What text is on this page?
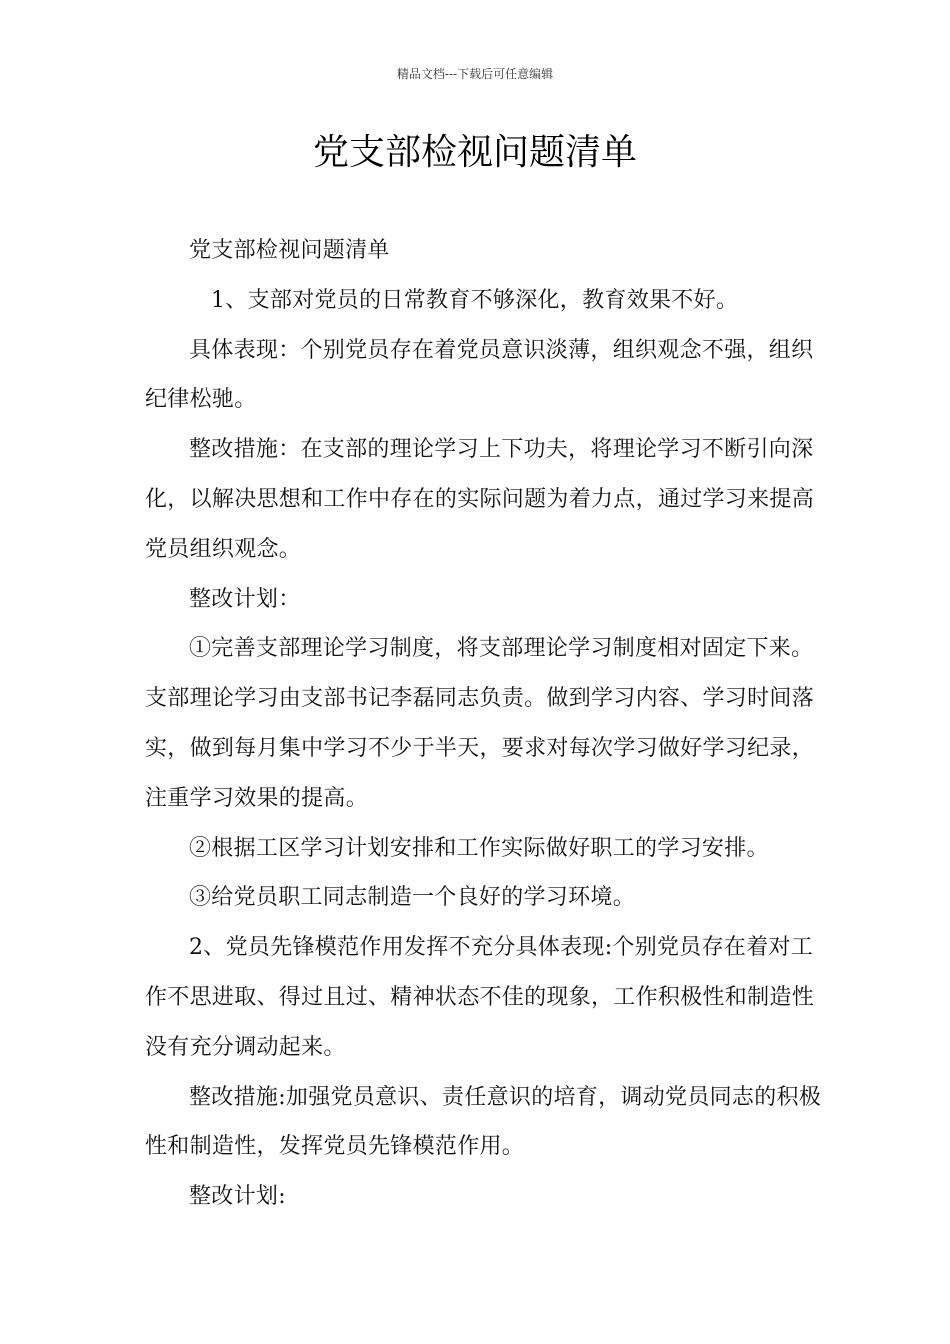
精品文档---下载后可任意编辑
党支部检视问题清单

党支部检视问题清单

1、支部对党员的日常教育不够深化，教育效果不好。

具体表现：个别党员存在着党员意识淡薄，组织观念不强，组织纪律松驰。

整改措施：在支部的理论学习上下功夫，将理论学习不断引向深化，以解决思想和工作中存在的实际问题为着力点，通过学习来提高党员组织观念。

整改计划：

①完善支部理论学习制度，将支部理论学习制度相对固定下来。支部理论学习由支部书记李磊同志负责。做到学习内容、学习时间落实，做到每月集中学习不少于半天，要求对每次学习做好学习纪录，注重学习效果的提高。

②根据工区学习计划安排和工作实际做好职工的学习安排。

③给党员职工同志制造一个良好的学习环境。

2、党员先锋模范作用发挥不充分具体表现:个别党员存在着对工作不思进取、得过且过、精神状态不佳的现象，工作积极性和制造性没有充分调动起来。

整改措施:加强党员意识、责任意识的培育，调动党员同志的积极性和制造性，发挥党员先锋模范作用。

整改计划:
